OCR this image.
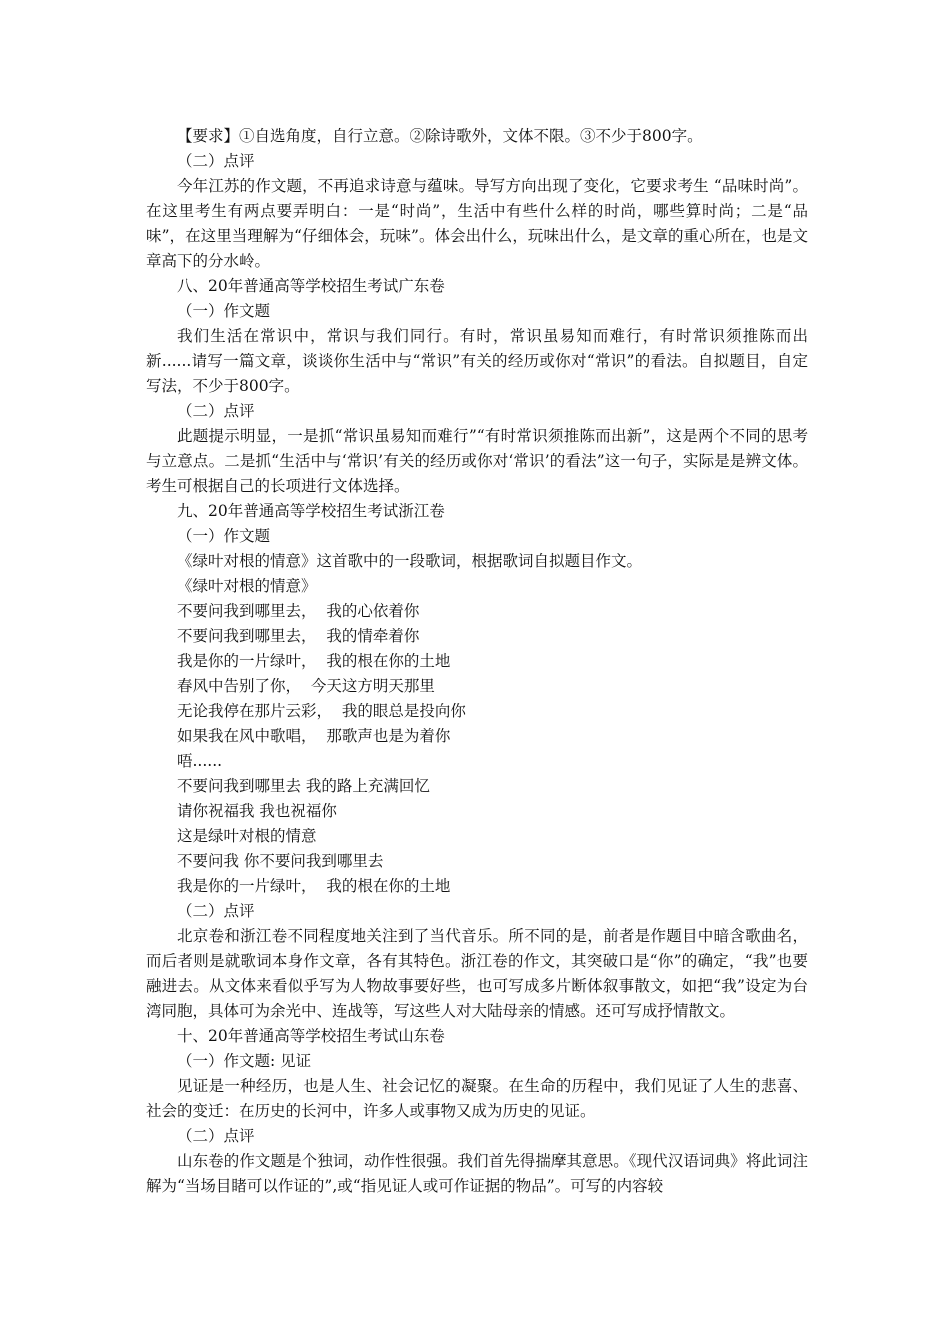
【要求】①自选角度，自行立意。②除诗歌外，文体不限。③不少于800字。

（二）点评

今年江苏的作文题，不再追求诗意与蕴味。导写方向出现了变化，它要求考生 “品味时尚”。在这里考生有两点要弄明白：一是“时尚”，生活中有些什么样的时尚，哪些算时尚；二是“品味”，在这里当理解为“仔细体会，玩味”。体会出什么，玩味出什么，是文章的重心所在，也是文章高下的分水岭。

八、20年普通高等学校招生考试广东卷

（一）作文题

我们生活在常识中，常识与我们同行。有时，常识虽易知而难行，有时常识须推陈而出新......请写一篇文章，谈谈你生活中与“常识”有关的经历或你对“常识”的看法。自拟题目，自定写法，不少于800字。

（二）点评

此题提示明显，一是抓“常识虽易知而难行”“有时常识须推陈而出新”，这是两个不同的思考与立意点。二是抓“生活中与‘常识’有关的经历或你对‘常识’的看法”这一句子，实际是是辨文体。考生可根据自己的长项进行文体选择。

九、20年普通高等学校招生考试浙江卷

（一）作文题

《绿叶对根的情意》这首歌中的一段歌词，根据歌词自拟题目作文。

《绿叶对根的情意》

不要问我到哪里去，  我的心依着你

不要问我到哪里去，  我的情牵着你

我是你的一片绿叶，  我的根在你的土地

春风中告别了你，  今天这方明天那里

无论我停在那片云彩，  我的眼总是投向你

如果我在风中歌唱，  那歌声也是为着你

唔......

不要问我到哪里去 我的路上充满回忆

请你祝福我 我也祝福你

这是绿叶对根的情意

不要问我 你不要问我到哪里去

我是你的一片绿叶，  我的根在你的土地

（二）点评

北京卷和浙江卷不同程度地关注到了当代音乐。所不同的是，前者是作题目中暗含歌曲名，而后者则是就歌词本身作文章，各有其特色。浙江卷的作文，其突破口是“你”的确定，“我”也要融进去。从文体来看似乎写为人物故事要好些，也可写成多片断体叙事散文，如把“我”设定为台湾同胞，具体可为余光中、连战等，写这些人对大陆母亲的情感。还可写成抒情散文。

十、20年普通高等学校招生考试山东卷

（一）作文题: 见证

见证是一种经历，也是人生、社会记忆的凝聚。在生命的历程中，我们见证了人生的悲喜、社会的变迁：在历史的长河中，许多人或事物又成为历史的见证。

（二）点评

山东卷的作文题是个独词，动作性很强。我们首先得揣摩其意思。《现代汉语词典》将此词注解为“当场目睹可以作证的”,或“指见证人或可作证据的物品”。可写的内容较
